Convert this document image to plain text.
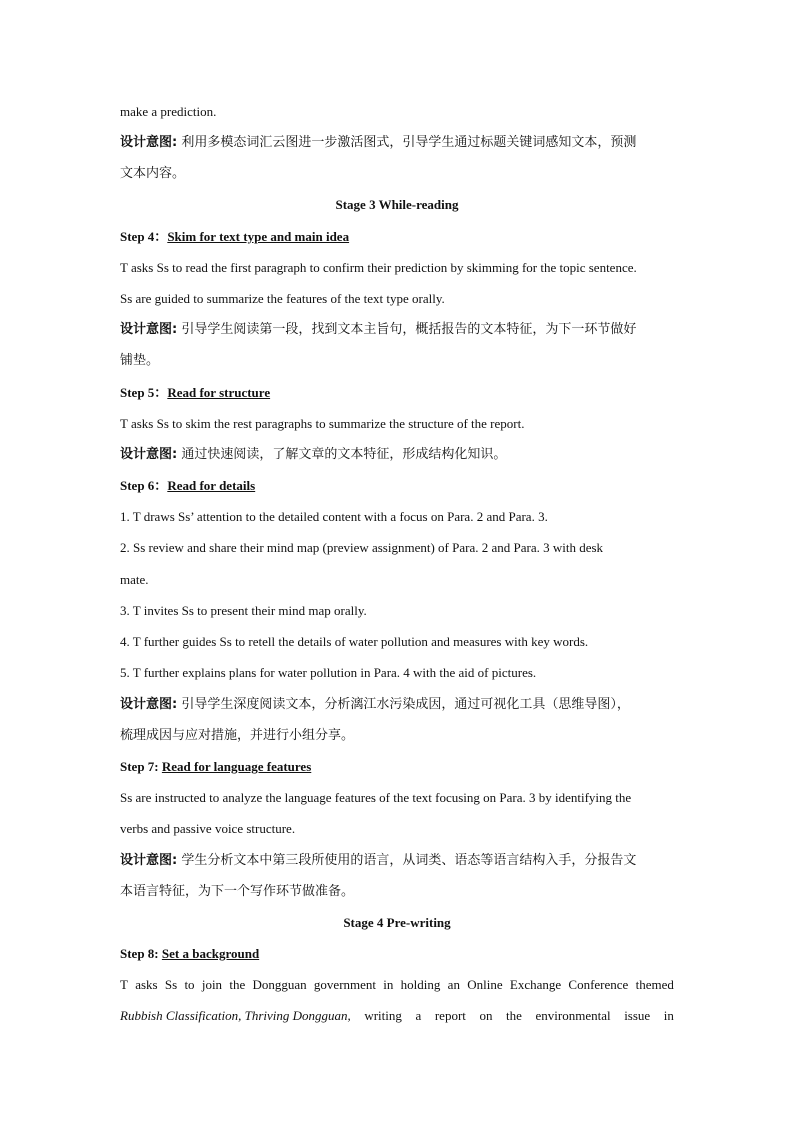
make a prediction.
设计意图: 利用多模态词汇云图进一步激活图式，引导学生通过标题关键词感知文本，预测
文本内容。
Stage 3 While-reading
Step 4：Skim for text type and main idea
T asks Ss to read the first paragraph to confirm their prediction by skimming for the topic sentence.
Ss are guided to summarize the features of the text type orally.
设计意图: 引导学生阅读第一段，找到文本主旨句，概括报告的文本特征，为下一环节做好
铺垫。
Step 5：Read for structure
T asks Ss to skim the rest paragraphs to summarize the structure of the report.
设计意图: 通过快速阅读，了解文章的文本特征，形成结构化知识。
Step 6：Read for details
1. T draws Ss’ attention to the detailed content with a focus on Para. 2 and Para. 3.
2. Ss review and share their mind map (preview assignment) of Para. 2 and Para. 3 with desk
mate.
3. T invites Ss to present their mind map orally.
4. T further guides Ss to retell the details of water pollution and measures with key words.
5. T further explains plans for water pollution in Para. 4 with the aid of pictures.
设计意图: 引导学生深度阅读文本，分析漓江水污染成因，通过可视化工具（思维导图），
梳理成因与应对措施，并进行小组分享。
Step 7: Read for language features
Ss are instructed to analyze the language features of the text focusing on Para. 3 by identifying the
verbs and passive voice structure.
设计意图: 学生分析文本中第三段所使用的语言，从词类、语态等语言结构入手，分报告文
本语言特征，为下一个写作环节做准备。
Stage 4 Pre-writing
Step 8: Set a background
T asks Ss to join the Dongguan government in holding an Online Exchange Conference themed
Rubbish Classification, Thriving Dongguan, writing a report on the environmental issue in
